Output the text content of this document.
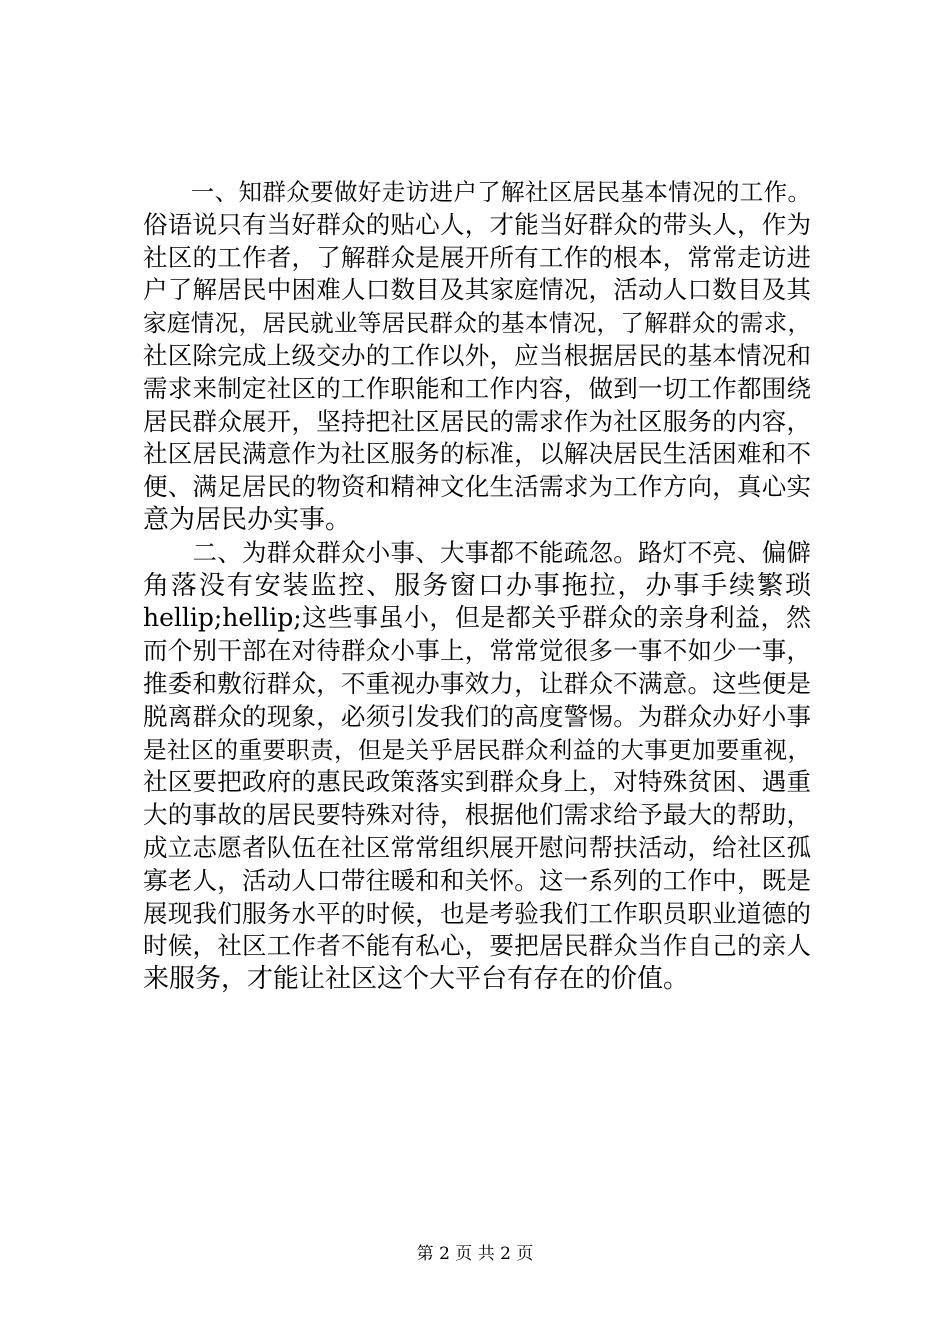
　　一、知群众要做好走访进户了解社区居民基本情况的工作。
俗语说只有当好群众的贴心人，才能当好群众的带头人，作为
社区的工作者，了解群众是展开所有工作的根本，常常走访进
户了解居民中困难人口数目及其家庭情况，活动人口数目及其
家庭情况，居民就业等居民群众的基本情况，了解群众的需求，
社区除完成上级交办的工作以外，应当根据居民的基本情况和
需求来制定社区的工作职能和工作内容，做到一切工作都围绕
居民群众展开，坚持把社区居民的需求作为社区服务的内容，
社区居民满意作为社区服务的标准，以解决居民生活困难和不
便、满足居民的物资和精神文化生活需求为工作方向，真心实
意为居民办实事。
　　二、为群众群众小事、大事都不能疏忽。路灯不亮、偏僻
角落没有安装监控、服务窗口办事拖拉，办事手续繁琐
hellip;hellip;这些事虽小，但是都关乎群众的亲身利益，然
而个别干部在对待群众小事上，常常觉很多一事不如少一事，
推委和敷衍群众，不重视办事效力，让群众不满意。这些便是
脱离群众的现象，必须引发我们的高度警惕。为群众办好小事
是社区的重要职责，但是关乎居民群众利益的大事更加要重视，
社区要把政府的惠民政策落实到群众身上，对特殊贫困、遇重
大的事故的居民要特殊对待，根据他们需求给予最大的帮助，
成立志愿者队伍在社区常常组织展开慰问帮扶活动，给社区孤
寡老人，活动人口带往暖和和关怀。这一系列的工作中，既是
展现我们服务水平的时候，也是考验我们工作职员职业道德的
时候，社区工作者不能有私心，要把居民群众当作自己的亲人
来服务，才能让社区这个大平台有存在的价值。
第 2 页 共 2 页
